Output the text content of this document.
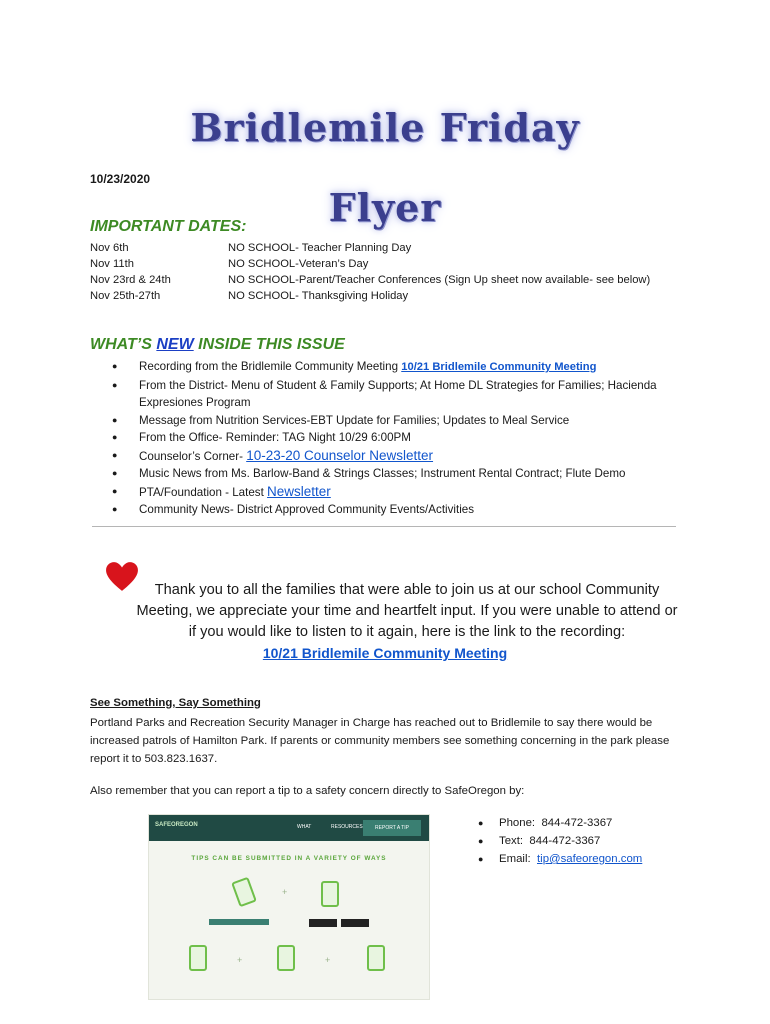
Bridlemile Friday Flyer
10/23/2020
IMPORTANT DATES:
Nov 6th	NO SCHOOL- Teacher Planning Day
Nov 11th	NO SCHOOL-Veteran’s Day
Nov 23rd & 24th	NO SCHOOL-Parent/Teacher Conferences (Sign Up sheet now available- see below)
Nov 25th-27th	NO SCHOOL- Thanksgiving Holiday
WHAT’S NEW INSIDE THIS ISSUE
● Recording from the Bridlemile Community Meeting 10/21 Bridlemile Community Meeting
● From the District- Menu of Student & Family Supports; At Home DL Strategies for Families; Hacienda Expresiones Program
● Message from Nutrition Services-EBT Update for Families; Updates to Meal Service
● From the Office- Reminder: TAG Night 10/29 6:00PM
● Counselor’s Corner- 10-23-20 Counselor Newsletter
● Music News from Ms. Barlow-Band & Strings Classes; Instrument Rental Contract; Flute Demo
● PTA/Foundation - Latest Newsletter
● Community News- District Approved Community Events/Activities
Thank you to all the families that were able to join us at our school Community Meeting, we appreciate your time and heartfelt input. If you were unable to attend or if you would like to listen to it again, here is the link to the recording:
10/21 Bridlemile Community Meeting
See Something, Say Something
Portland Parks and Recreation Security Manager in Charge has reached out to Bridlemile to say there would be increased patrols of Hamilton Park. If parents or community members see something concerning in the park please report it to 503.823.1637.
Also remember that you can report a tip to a safety concern directly to SafeOregon by:
SAFEOREGON	WHAT	RESOURCES	REPORT A TIP
TIPS CAN BE SUBMITTED IN A VARIETY OF WAYS
+
+	+
● Phone: 844-472-3367
● Text: 844-472-3367
● Email: tip@safeoregon.com
